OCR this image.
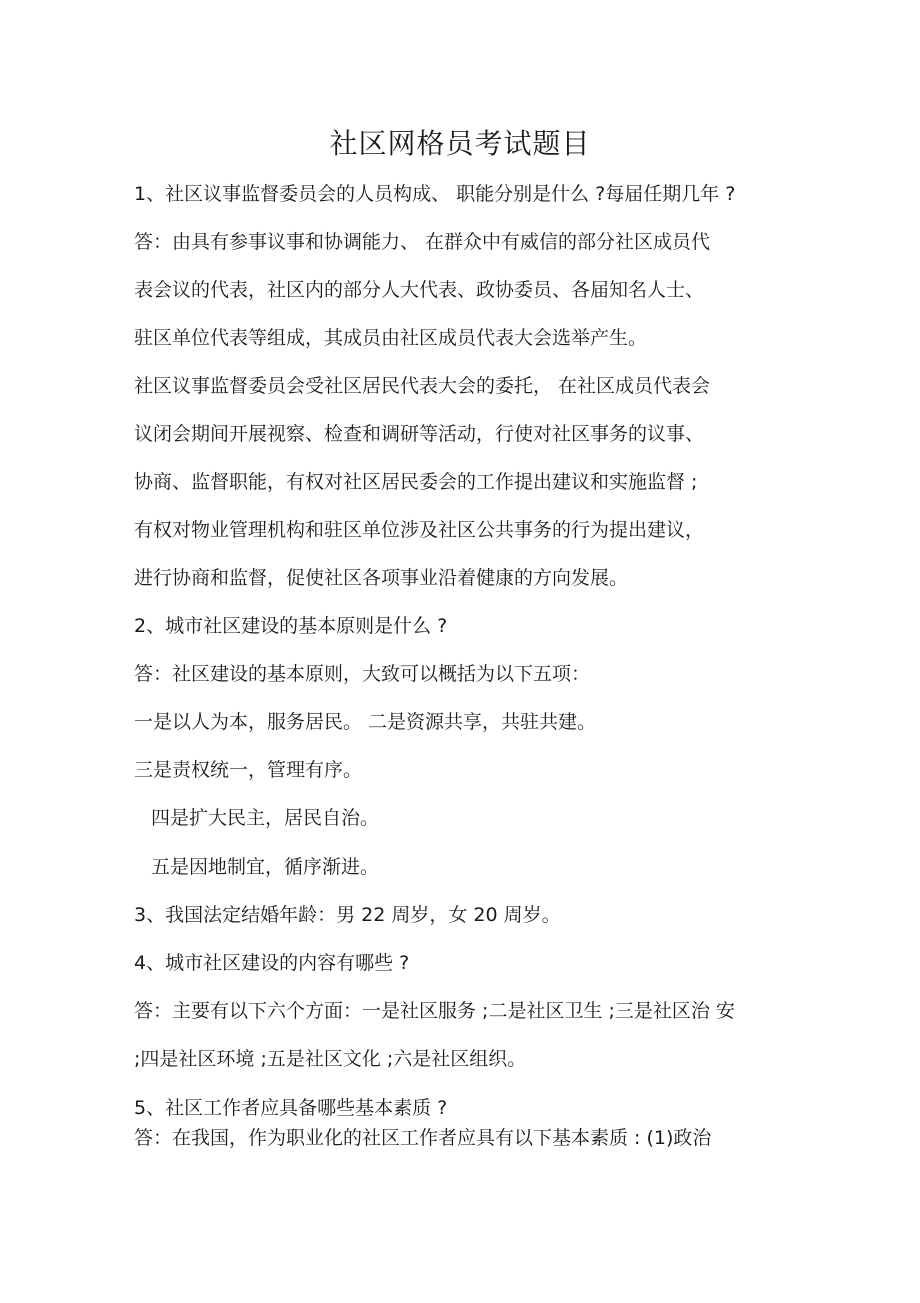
社区网格员考试题目
1、社区议事监督委员会的人员构成、 职能分别是什么 ?每届任期几年 ?
答：由具有参事议事和协调能力、 在群众中有威信的部分社区成员代
表会议的代表，社区内的部分人大代表、政协委员、各届知名人士、
驻区单位代表等组成，其成员由社区成员代表大会选举产生。
社区议事监督委员会受社区居民代表大会的委托， 在社区成员代表会
议闭会期间开展视察、检查和调研等活动，行使对社区事务的议事、
协商、监督职能，有权对社区居民委会的工作提出建议和实施监督 ;
有权对物业管理机构和驻区单位涉及社区公共事务的行为提出建议，
进行协商和监督，促使社区各项事业沿着健康的方向发展。
2、城市社区建设的基本原则是什么 ?
答：社区建设的基本原则，大致可以概括为以下五项：
一是以人为本，服务居民。 二是资源共享，共驻共建。
三是责权统一，管理有序。
四是扩大民主，居民自治。
五是因地制宜，循序渐进。
3、我国法定结婚年龄：男 22 周岁，女 20 周岁。
4、城市社区建设的内容有哪些 ?
答：主要有以下六个方面：一是社区服务 ;二是社区卫生 ;三是社区治 安
;四是社区环境 ;五是社区文化 ;六是社区组织。
5、社区工作者应具备哪些基本素质 ?
答：在我国，作为职业化的社区工作者应具有以下基本素质 : (1)政治
